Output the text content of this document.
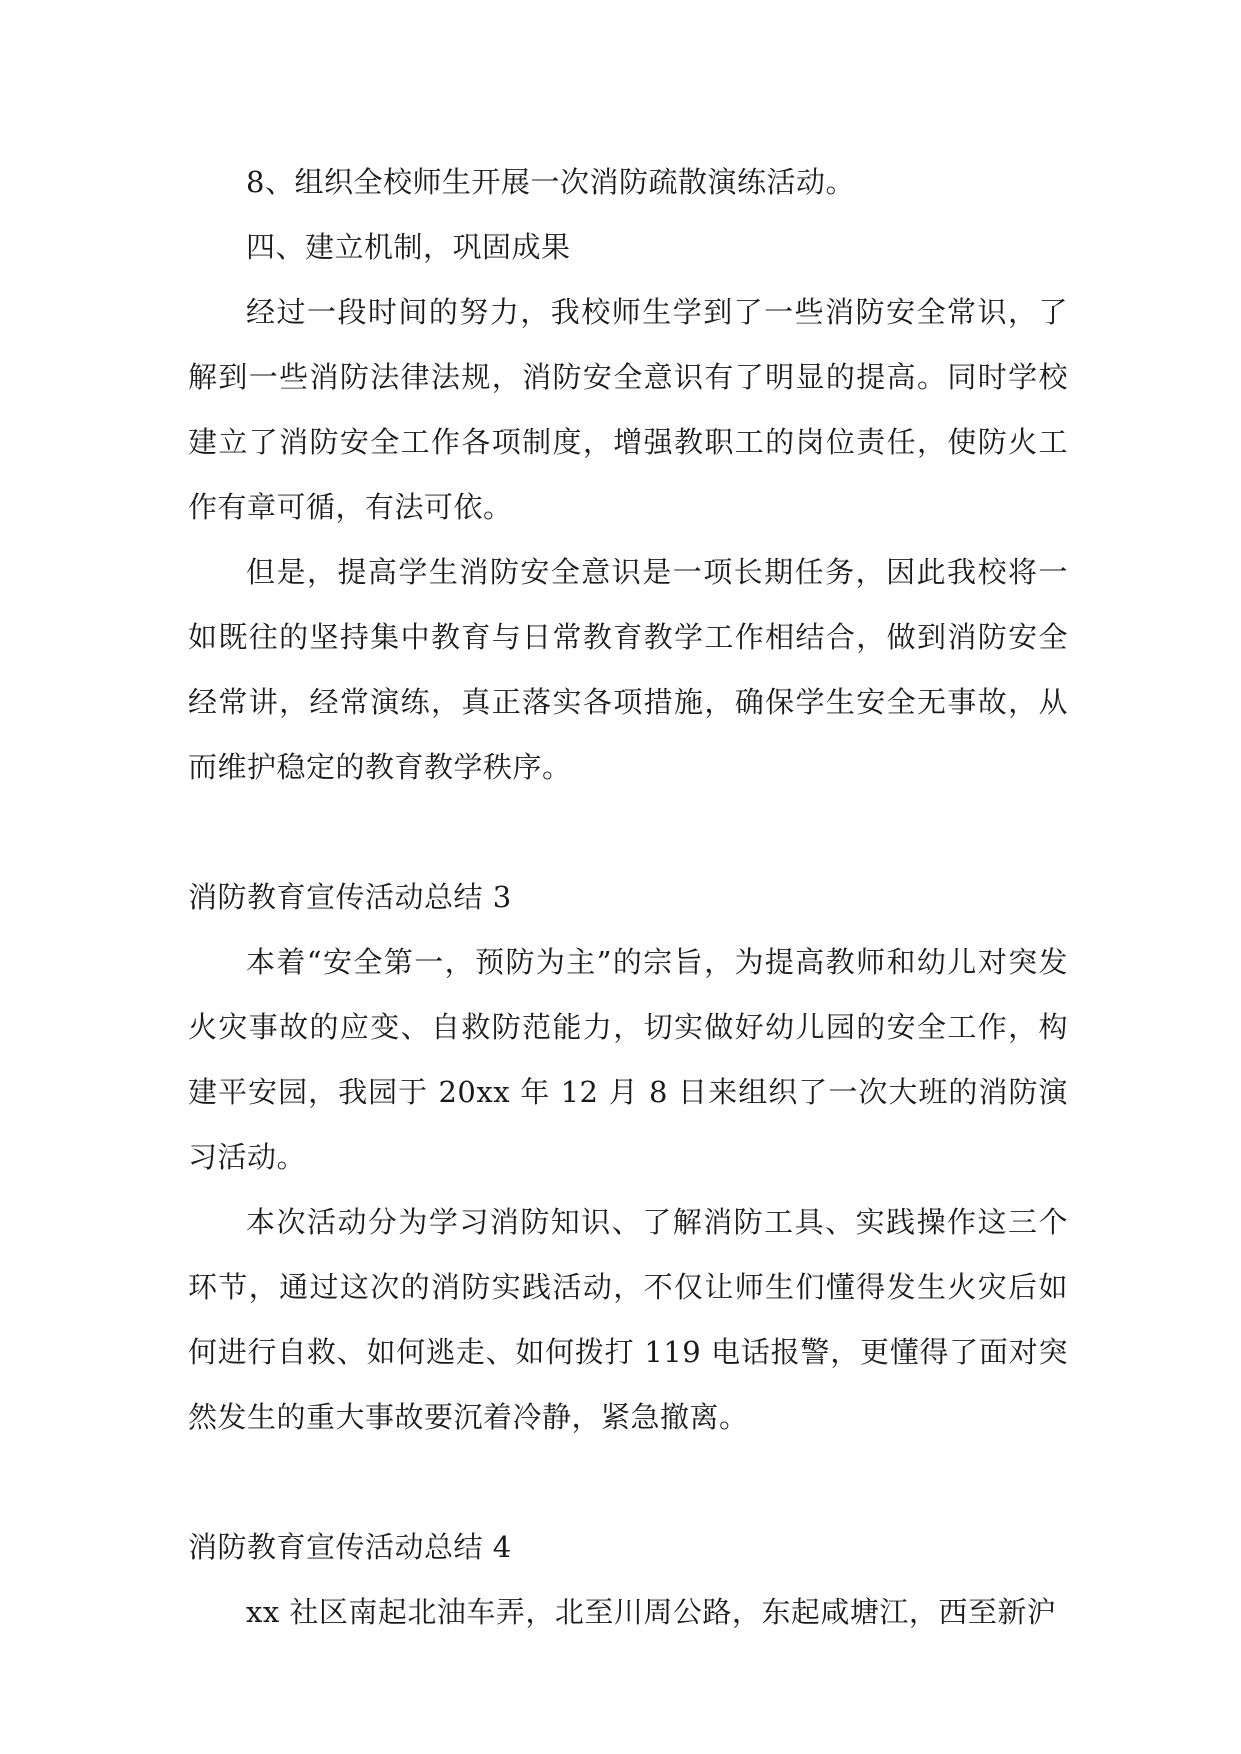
8、组织全校师生开展一次消防疏散演练活动。

四、建立机制，巩固成果

经过一段时间的努力，我校师生学到了一些消防安全常识，了解到一些消防法律法规，消防安全意识有了明显的提高。同时学校建立了消防安全工作各项制度，增强教职工的岗位责任，使防火工作有章可循，有法可依。

但是，提高学生消防安全意识是一项长期任务，因此我校将一如既往的坚持集中教育与日常教育教学工作相结合，做到消防安全经常讲，经常演练，真正落实各项措施，确保学生安全无事故，从而维护稳定的教育教学秩序。

消防教育宣传活动总结 3

本着“安全第一，预防为主”的宗旨，为提高教师和幼儿对突发火灾事故的应变、自救防范能力，切实做好幼儿园的安全工作，构建平安园，我园于 20xx 年 12 月 8 日来组织了一次大班的消防演习活动。

本次活动分为学习消防知识、了解消防工具、实践操作这三个环节，通过这次的消防实践活动，不仅让师生们懂得发生火灾后如何进行自救、如何逃走、如何拨打 119 电话报警，更懂得了面对突然发生的重大事故要沉着冷静，紧急撤离。

消防教育宣传活动总结 4

xx 社区南起北油车弄，北至川周公路，东起咸塘江，西至新沪
